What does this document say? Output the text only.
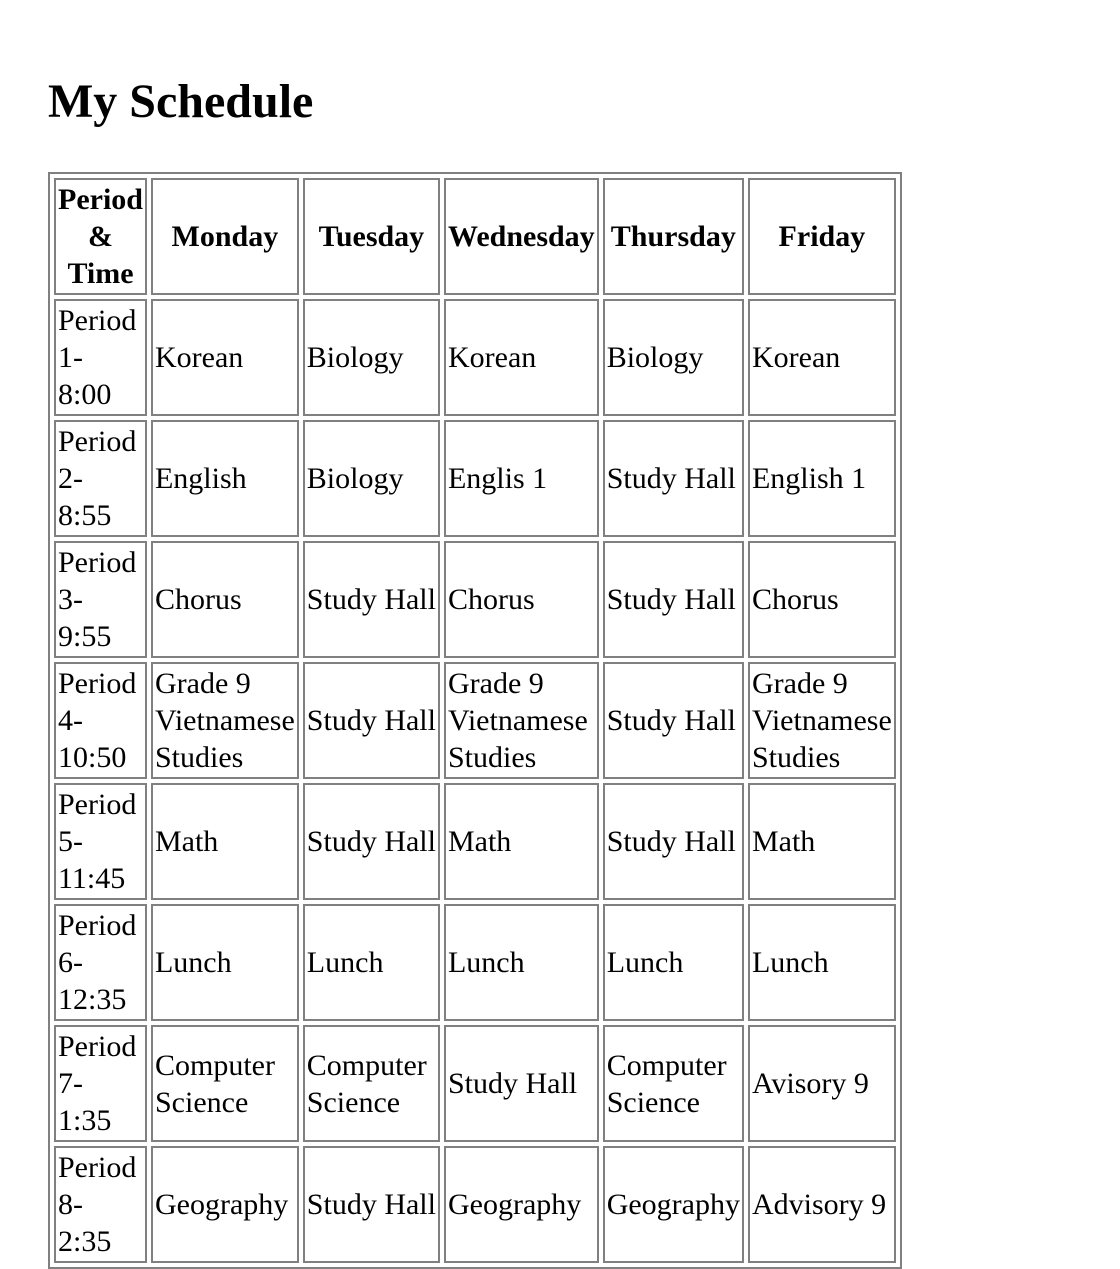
My Schedule
Period & Time	Monday	Tuesday	Wednesday	Thursday	Friday
Period 1- 8:00	Korean	Biology	Korean	Biology	Korean
Period 2- 8:55	English	Biology	Englis 1	Study Hall	English 1
Period 3- 9:55	Chorus	Study Hall	Chorus	Study Hall	Chorus
Period 4- 10:50	Grade 9 Vietnamese Studies	Study Hall	Grade 9 Vietnamese Studies	Study Hall	Grade 9 Vietnamese Studies
Period 5- 11:45	Math	Study Hall	Math	Study Hall	Math
Period 6- 12:35	Lunch	Lunch	Lunch	Lunch	Lunch
Period 7- 1:35	Computer Science	Computer Science	Study Hall	Computer Science	Avisory 9
Period 8- 2:35	Geography	Study Hall	Geography	Geography	Advisory 9
